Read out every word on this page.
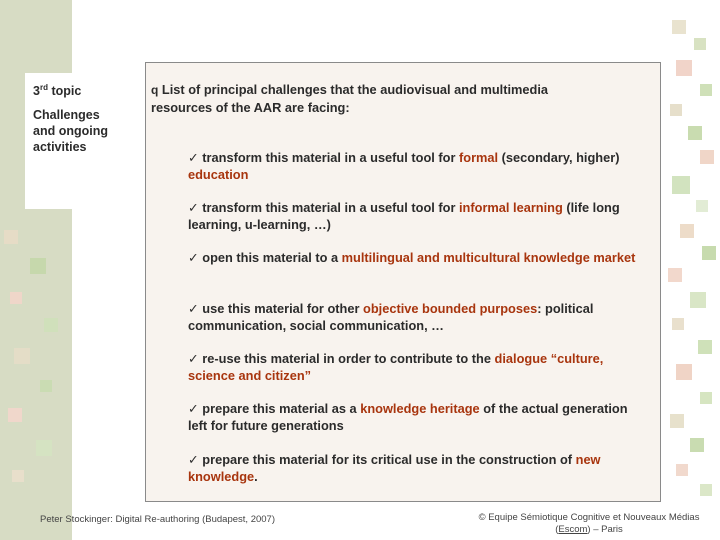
3rd topic
Challenges
and ongoing
activities
q List of principal challenges that the audiovisual and multimedia resources of the AAR are facing:
✓ transform this material in a useful tool for formal (secondary, higher) education
✓ transform this material in a useful tool for informal learning (life long learning, u-learning, …)
✓ open this material to a multilingual and multicultural knowledge market
✓ use this material for other objective bounded purposes: political communication, social communication, …
✓ re-use this material in order to contribute to the dialogue “culture, science and citizen”
✓ prepare this material as a knowledge heritage of the actual generation left for future generations
✓ prepare this material for its critical use in the construction of new knowledge.
Peter Stockinger: Digital Re-authoring (Budapest, 2007)	© Equipe Sémiotique Cognitive et Nouveaux Médias
(Escom) – Paris
